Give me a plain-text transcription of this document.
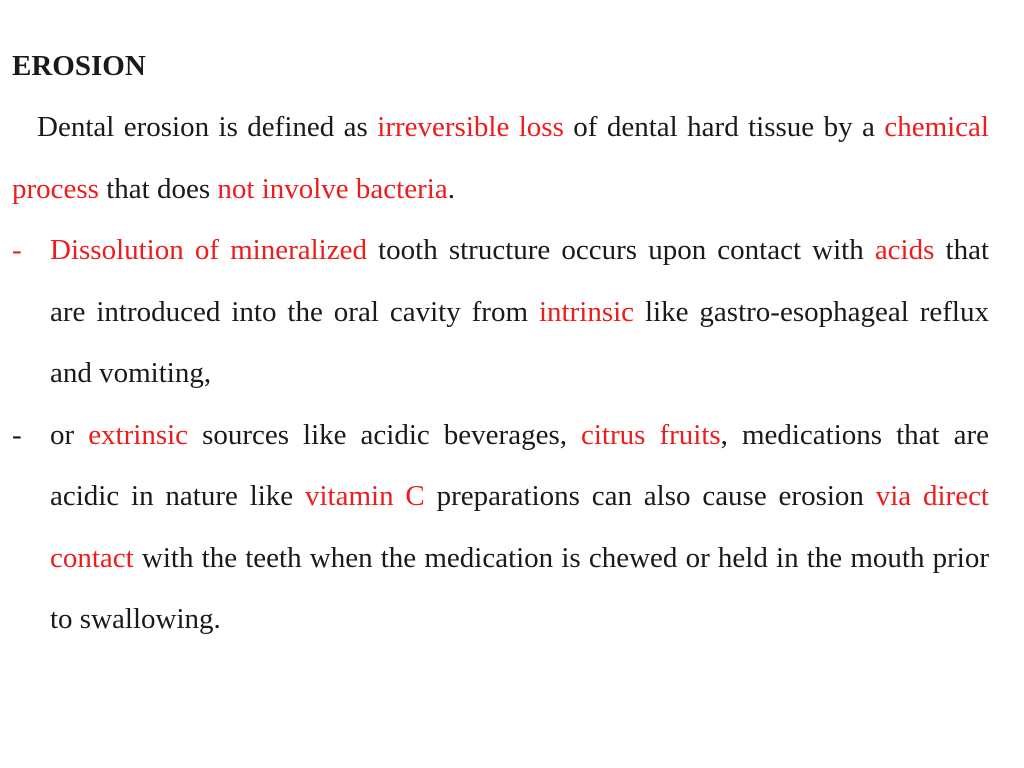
EROSION

Dental erosion is defined as irreversible loss of dental hard tissue by a chemical process that does not involve bacteria.

- Dissolution of mineralized tooth structure occurs upon contact with acids that are introduced into the oral cavity from intrinsic like gastro-esophageal reflux and vomiting,

- or extrinsic sources like acidic beverages, citrus fruits, medications that are acidic in nature like vitamin C preparations can also cause erosion via direct contact with the teeth when the medication is chewed or held in the mouth prior to swallowing.
